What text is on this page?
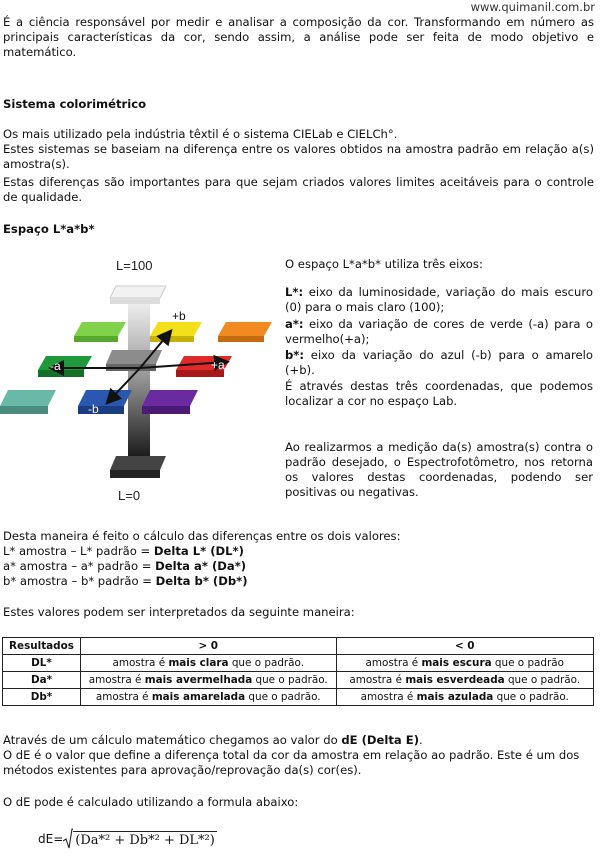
www.quimanil.com.br

É a ciência responsável por medir e analisar a composição da cor. Transformando em número as principais características da cor, sendo assim, a análise pode ser feita de modo objetivo e matemático.

Sistema colorimétrico

Os mais utilizado pela indústria têxtil é o sistema CIELab e CIELCh°.

Estes sistemas se baseiam na diferença entre os valores obtidos na amostra padrão em relação a(s) amostra(s).

Estas diferenças são importantes para que sejam criados valores limites aceitáveis para o controle de qualidade.

Espaço L*a*b*

L=100
L=0
+b
-b
+a
-a

O espaço L*a*b* utiliza três eixos:

L*: eixo da luminosidade, variação do mais escuro (0) para o mais claro (100);

a*: eixo da variação de cores de verde (-a) para o vermelho(+a);

b*: eixo da variação do azul (-b) para o amarelo (+b).

É através destas três coordenadas, que podemos localizar a cor no espaço Lab.

Ao realizarmos a medição da(s) amostra(s) contra o padrão desejado, o Espectrofotômetro, nos retorna os valores destas coordenadas, podendo ser positivas ou negativas.

Desta maneira é feito o cálculo das diferenças entre os dois valores:

L* amostra – L* padrão = Delta L* (DL*)

a* amostra – a* padrão = Delta a* (Da*)

b* amostra – b* padrão = Delta b* (Db*)

Estes valores podem ser interpretados da seguinte maneira:

Resultados	> 0	< 0
DL*	amostra é mais clara que o padrão.	amostra é mais escura que o padrão
Da*	amostra é mais avermelhada que o padrão.	amostra é mais esverdeada que o padrão.
Db*	amostra é mais amarelada que o padrão.	amostra é mais azulada que o padrão.

Através de um cálculo matemático chegamos ao valor do dE (Delta E).

O dE é o valor que define a diferença total da cor da amostra em relação ao padrão. Este é um dos métodos existentes para aprovação/reprovação da(s) cor(es).

O dE pode é calculado utilizando a formula abaixo:

dE= (Da*² + Db*² + DL*²)
